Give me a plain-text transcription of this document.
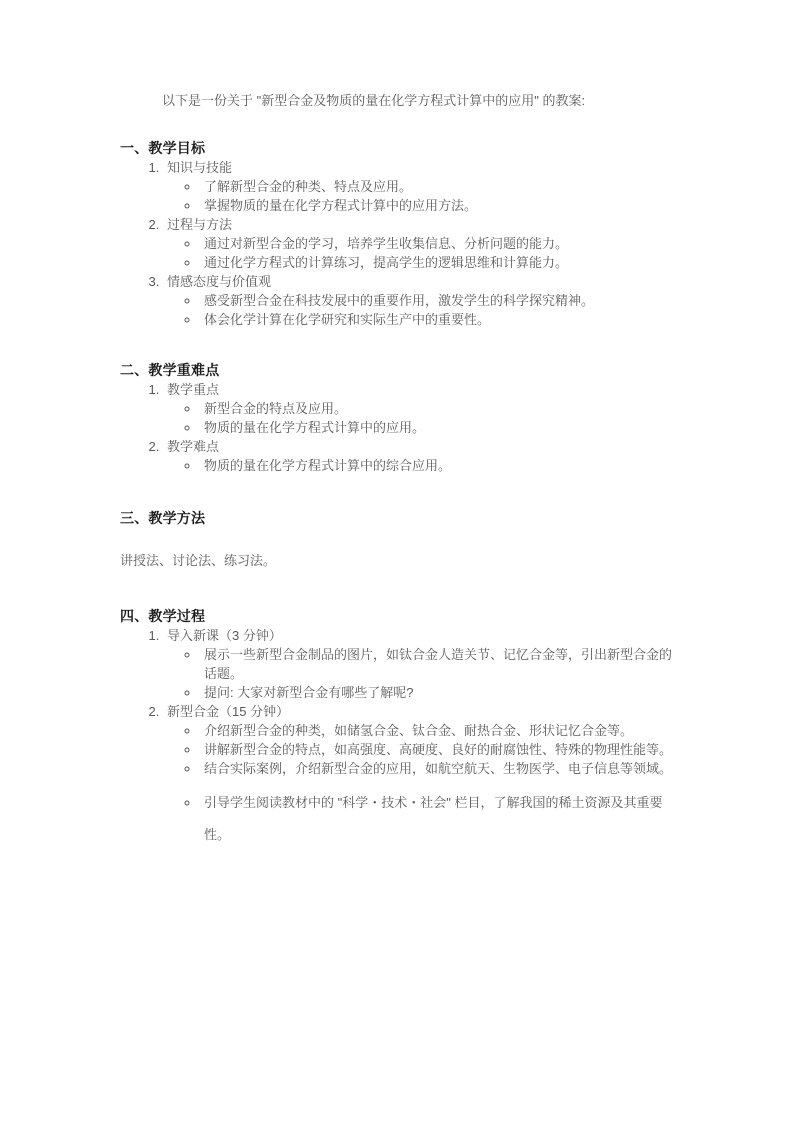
以下是一份关于 "新型合金及物质的量在化学方程式计算中的应用" 的教案:

一、教学目标
1. 知识与技能
◦ 了解新型合金的种类、特点及应用。
◦ 掌握物质的量在化学方程式计算中的应用方法。
2. 过程与方法
◦ 通过对新型合金的学习，培养学生收集信息、分析问题的能力。
◦ 通过化学方程式的计算练习，提高学生的逻辑思维和计算能力。
3. 情感态度与价值观
◦ 感受新型合金在科技发展中的重要作用，激发学生的科学探究精神。
◦ 体会化学计算在化学研究和实际生产中的重要性。
二、教学重难点
1. 教学重点
◦ 新型合金的特点及应用。
◦ 物质的量在化学方程式计算中的应用。
2. 教学难点
◦ 物质的量在化学方程式计算中的综合应用。
三、教学方法

讲授法、讨论法、练习法。

四、教学过程
1. 导入新课（3 分钟）
◦ 展示一些新型合金制品的图片，如钛合金人造关节、记忆合金等，引出新型合金的话题。
◦ 提问: 大家对新型合金有哪些了解呢?
2. 新型合金（15 分钟）
◦ 介绍新型合金的种类，如储氢合金、钛合金、耐热合金、形状记忆合金等。
◦ 讲解新型合金的特点，如高强度、高硬度、良好的耐腐蚀性、特殊的物理性能等。
◦ 结合实际案例，介绍新型合金的应用，如航空航天、生物医学、电子信息等领域。
◦ 引导学生阅读教材中的 "科学・技术・社会" 栏目，了解我国的稀土资源及其重要性。
